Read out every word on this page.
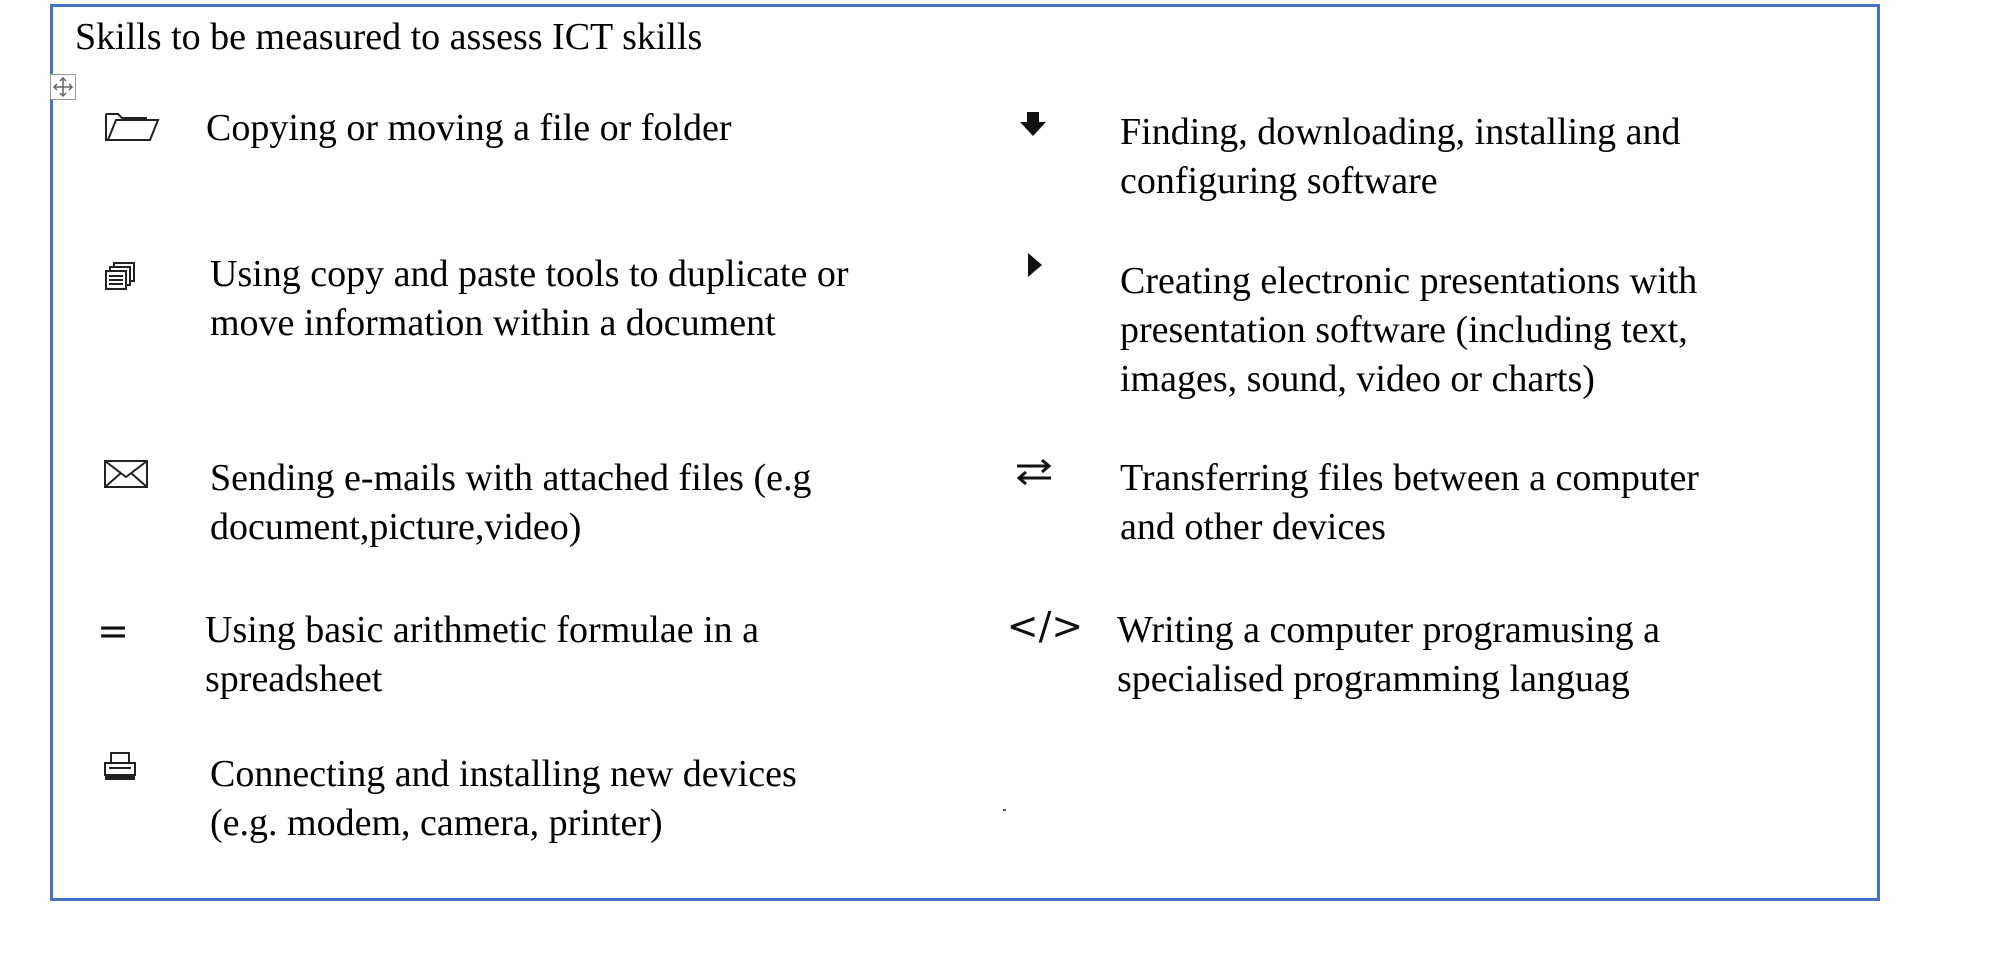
Skills to be measured to assess ICT skills
Copying or moving a file or folder
Using copy and paste tools to duplicate or
move information within a document
Sending e-mails with attached files (e.g
document,picture,video)
= Using basic arithmetic formulae in a
spreadsheet
Connecting and installing new devices
(e.g. modem, camera, printer)
Finding, downloading, installing and
configuring software
Creating electronic presentations with
presentation software (including text,
images, sound, video or charts)
Transferring files between a computer
and other devices
</> Writing a computer programusing a
specialised programming languag
